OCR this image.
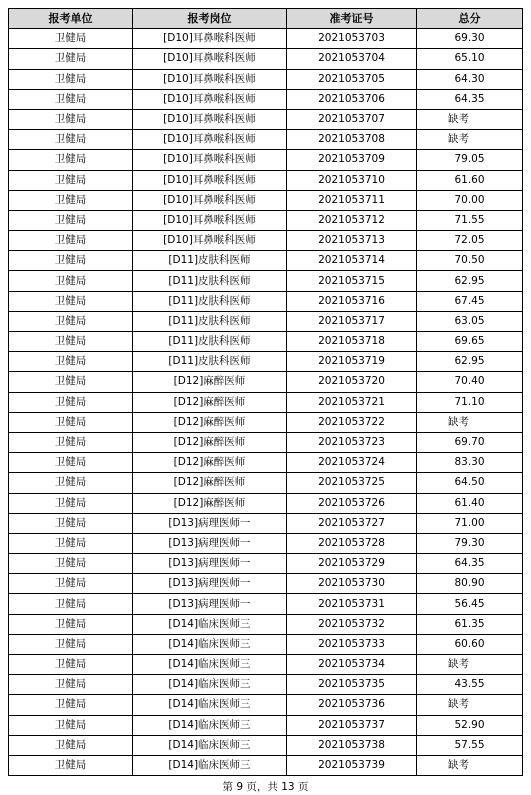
报考单位	报考岗位	准考证号	总分
卫健局	[D10]耳鼻喉科医师	2021053703	69.30
卫健局	[D10]耳鼻喉科医师	2021053704	65.10
卫健局	[D10]耳鼻喉科医师	2021053705	64.30
卫健局	[D10]耳鼻喉科医师	2021053706	64.35
卫健局	[D10]耳鼻喉科医师	2021053707	缺考
卫健局	[D10]耳鼻喉科医师	2021053708	缺考
卫健局	[D10]耳鼻喉科医师	2021053709	79.05
卫健局	[D10]耳鼻喉科医师	2021053710	61.60
卫健局	[D10]耳鼻喉科医师	2021053711	70.00
卫健局	[D10]耳鼻喉科医师	2021053712	71.55
卫健局	[D10]耳鼻喉科医师	2021053713	72.05
卫健局	[D11]皮肤科医师	2021053714	70.50
卫健局	[D11]皮肤科医师	2021053715	62.95
卫健局	[D11]皮肤科医师	2021053716	67.45
卫健局	[D11]皮肤科医师	2021053717	63.05
卫健局	[D11]皮肤科医师	2021053718	69.65
卫健局	[D11]皮肤科医师	2021053719	62.95
卫健局	[D12]麻醉医师	2021053720	70.40
卫健局	[D12]麻醉医师	2021053721	71.10
卫健局	[D12]麻醉医师	2021053722	缺考
卫健局	[D12]麻醉医师	2021053723	69.70
卫健局	[D12]麻醉医师	2021053724	83.30
卫健局	[D12]麻醉医师	2021053725	64.50
卫健局	[D12]麻醉医师	2021053726	61.40
卫健局	[D13]病理医师一	2021053727	71.00
卫健局	[D13]病理医师一	2021053728	79.30
卫健局	[D13]病理医师一	2021053729	64.35
卫健局	[D13]病理医师一	2021053730	80.90
卫健局	[D13]病理医师一	2021053731	56.45
卫健局	[D14]临床医师三	2021053732	61.35
卫健局	[D14]临床医师三	2021053733	60.60
卫健局	[D14]临床医师三	2021053734	缺考
卫健局	[D14]临床医师三	2021053735	43.55
卫健局	[D14]临床医师三	2021053736	缺考
卫健局	[D14]临床医师三	2021053737	52.90
卫健局	[D14]临床医师三	2021053738	57.55
卫健局	[D14]临床医师三	2021053739	缺考
第 9 页，共 13 页
